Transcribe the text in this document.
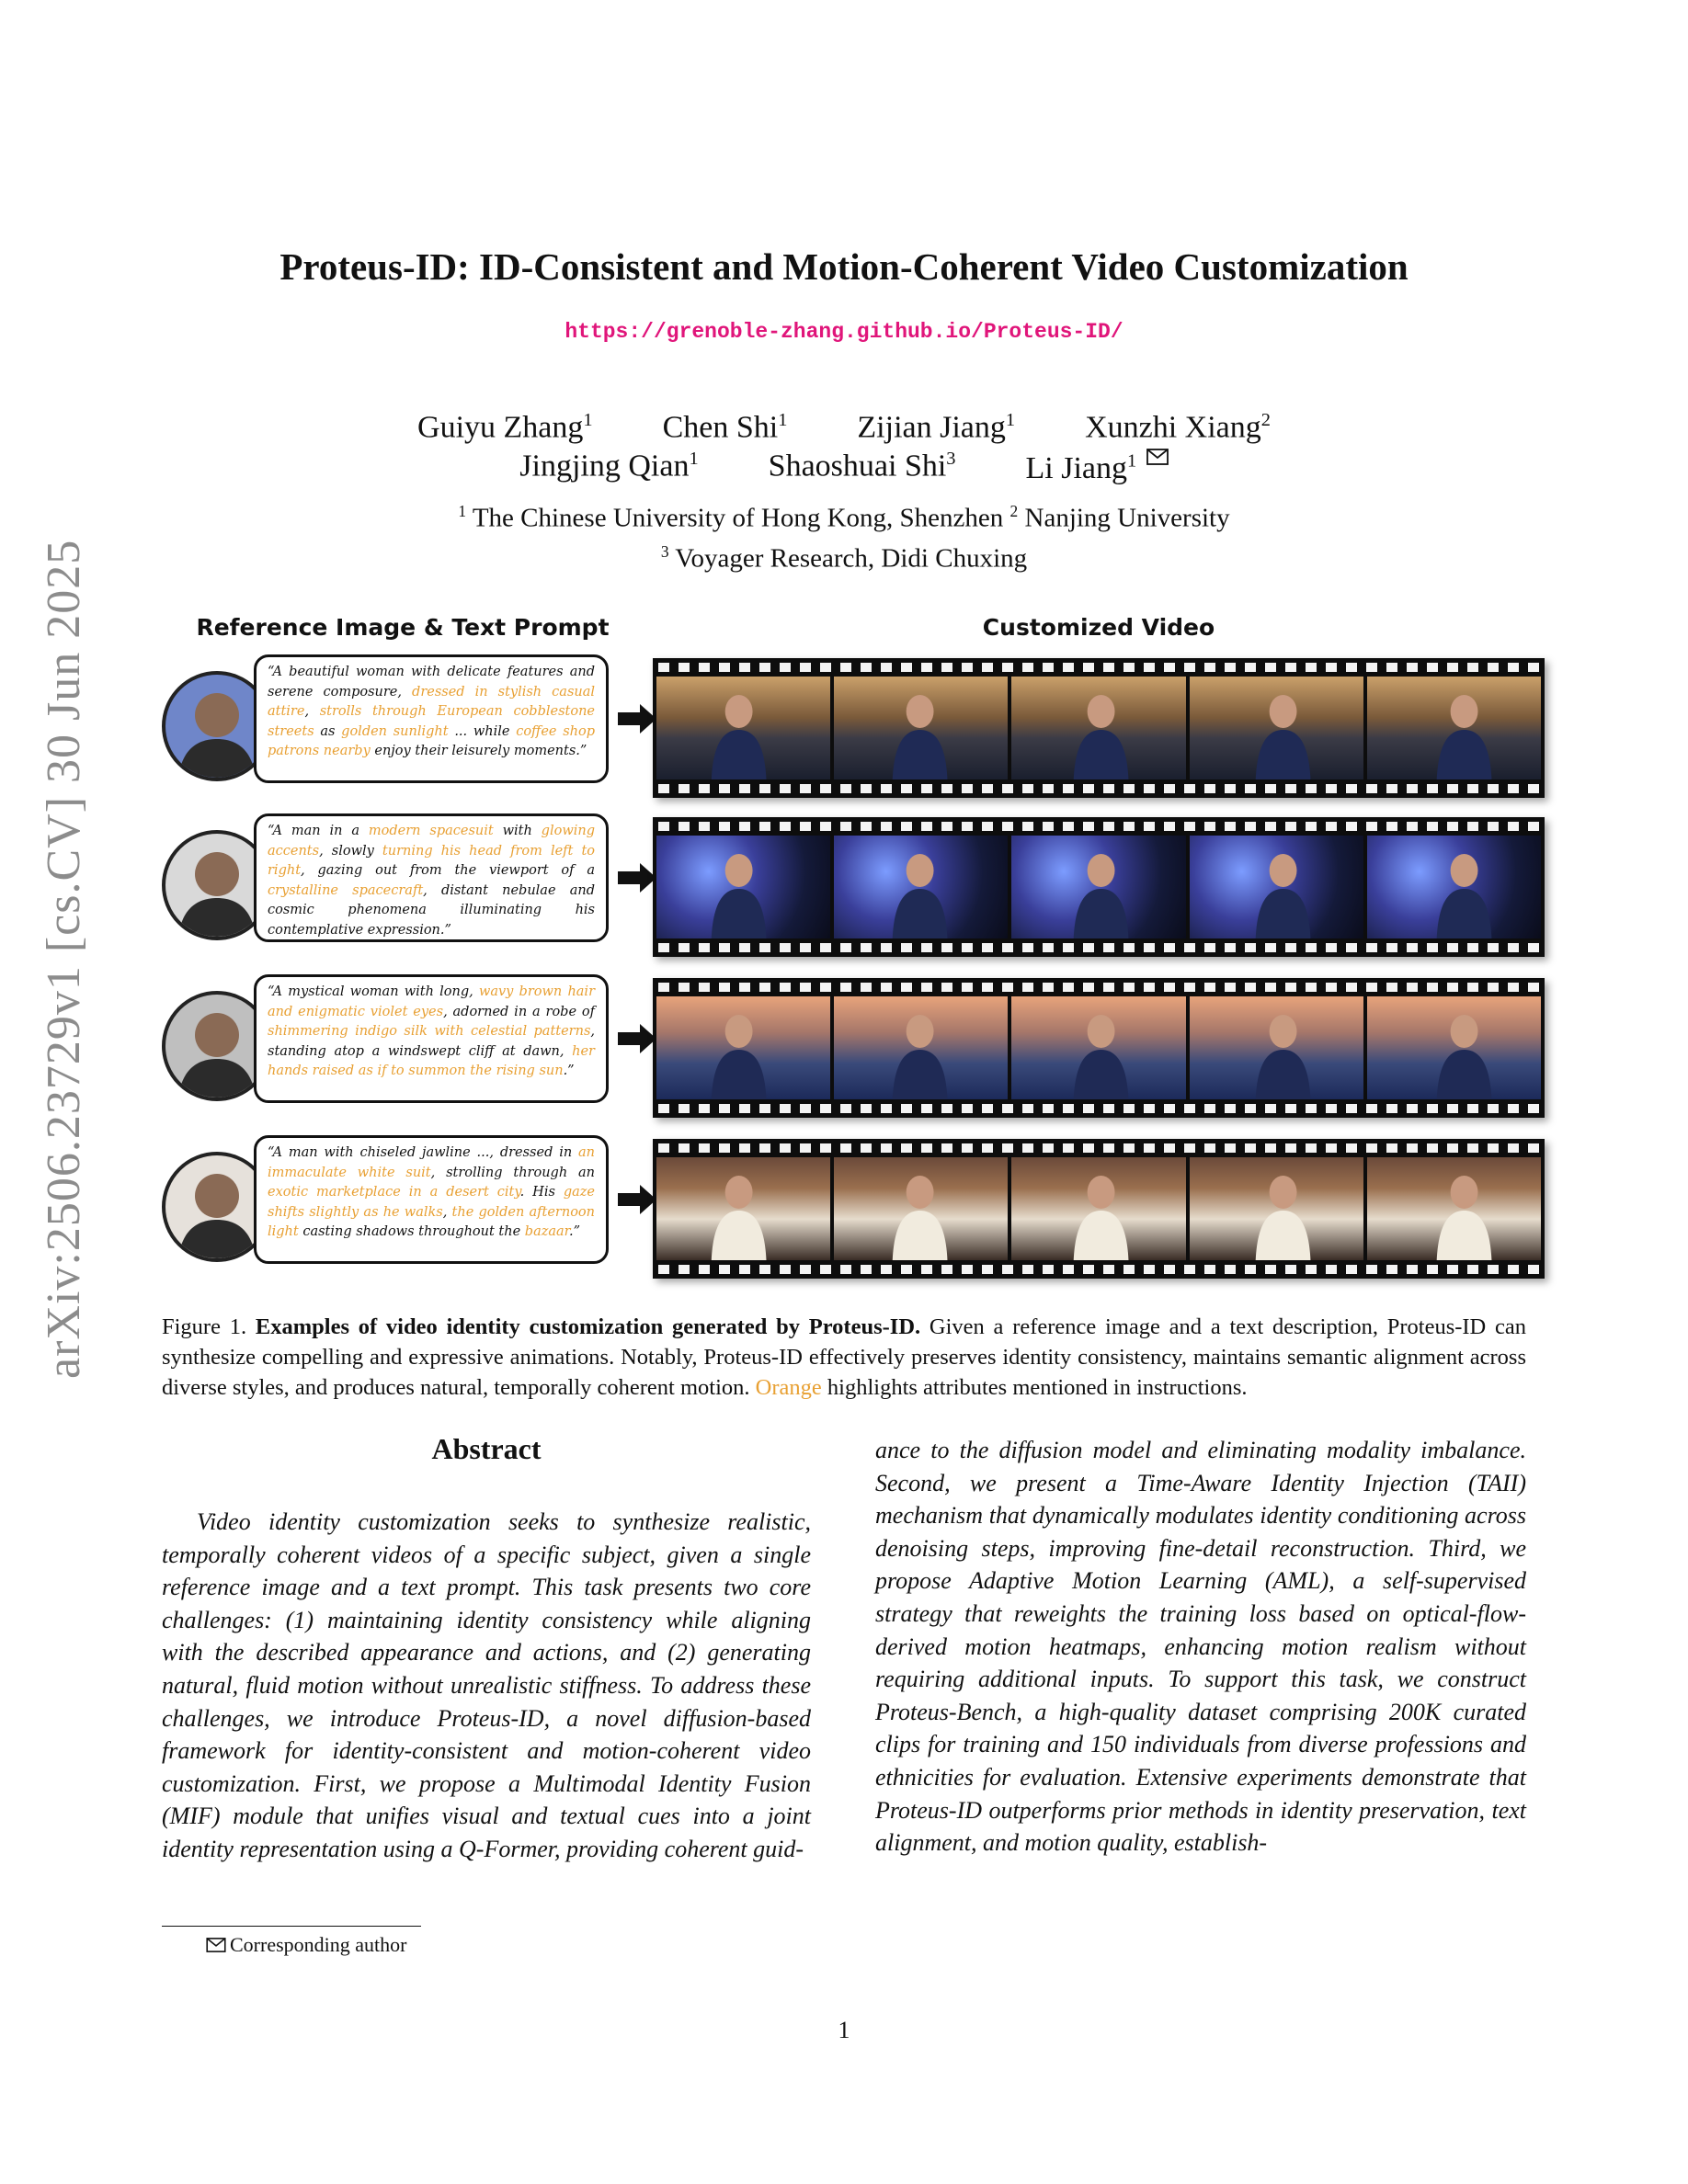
arXiv:2506.23729v1 [cs.CV] 30 Jun 2025
Proteus-ID: ID-Consistent and Motion-Coherent Video Customization
https://grenoble-zhang.github.io/Proteus-ID/
Guiyu Zhang$^1$ Chen Shi$^1$ Zijian Jiang$^1$ Xunzhi Xiang$^2$
Jingjing Qian$^1$ Shaoshuai Shi$^3$ Li Jiang$^1$
$^1$ The Chinese University of Hong Kong, Shenzhen $^2$ Nanjing University
$^3$ Voyager Research, Didi Chuxing
Reference Image & Text Prompt	Customized Video
“A beautiful woman with delicate features and serene composure, dressed in stylish casual attire, strolls through European cobblestone streets as golden sunlight ... while coffee shop patrons nearby enjoy their leisurely moments.”
“A man in a modern spacesuit with glowing accents, slowly turning his head from left to right, gazing out from the viewport of a crystalline spacecraft, distant nebulae and cosmic phenomena illuminating his contemplative expression.”
“A mystical woman with long, wavy brown hair and enigmatic violet eyes, adorned in a robe of shimmering indigo silk with celestial patterns, standing atop a windswept cliff at dawn, her hands raised as if to summon the rising sun.”
“A man with chiseled jawline ..., dressed in an immaculate white suit, strolling through an exotic marketplace in a desert city. His gaze shifts slightly as he walks, the golden afternoon light casting shadows throughout the bazaar.”
Figure 1. Examples of video identity customization generated by Proteus-ID. Given a reference image and a text description, Proteus-ID can synthesize compelling and expressive animations. Notably, Proteus-ID effectively preserves identity consistency, maintains semantic alignment across diverse styles, and produces natural, temporally coherent motion. Orange highlights attributes mentioned in instructions.
Abstract
Video identity customization seeks to synthesize realistic, temporally coherent videos of a specific subject, given a single reference image and a text prompt. This task presents two core challenges: (1) maintaining identity consistency while aligning with the described appearance and actions, and (2) generating natural, fluid motion without unrealistic stiffness. To address these challenges, we introduce Proteus-ID, a novel diffusion-based framework for identity-consistent and motion-coherent video customization. First, we propose a Multimodal Identity Fusion (MIF) module that unifies visual and textual cues into a joint identity representation using a Q-Former, providing coherent guid-
ance to the diffusion model and eliminating modality imbalance. Second, we present a Time-Aware Identity Injection (TAII) mechanism that dynamically modulates identity conditioning across denoising steps, improving fine-detail reconstruction. Third, we propose Adaptive Motion Learning (AML), a self-supervised strategy that reweights the training loss based on optical-flow-derived motion heatmaps, enhancing motion realism without requiring additional inputs. To support this task, we construct Proteus-Bench, a high-quality dataset comprising 200K curated clips for training and 150 individuals from diverse professions and ethnicities for evaluation. Extensive experiments demonstrate that Proteus-ID outperforms prior methods in identity preservation, text alignment, and motion quality, establish-
Corresponding author
1
